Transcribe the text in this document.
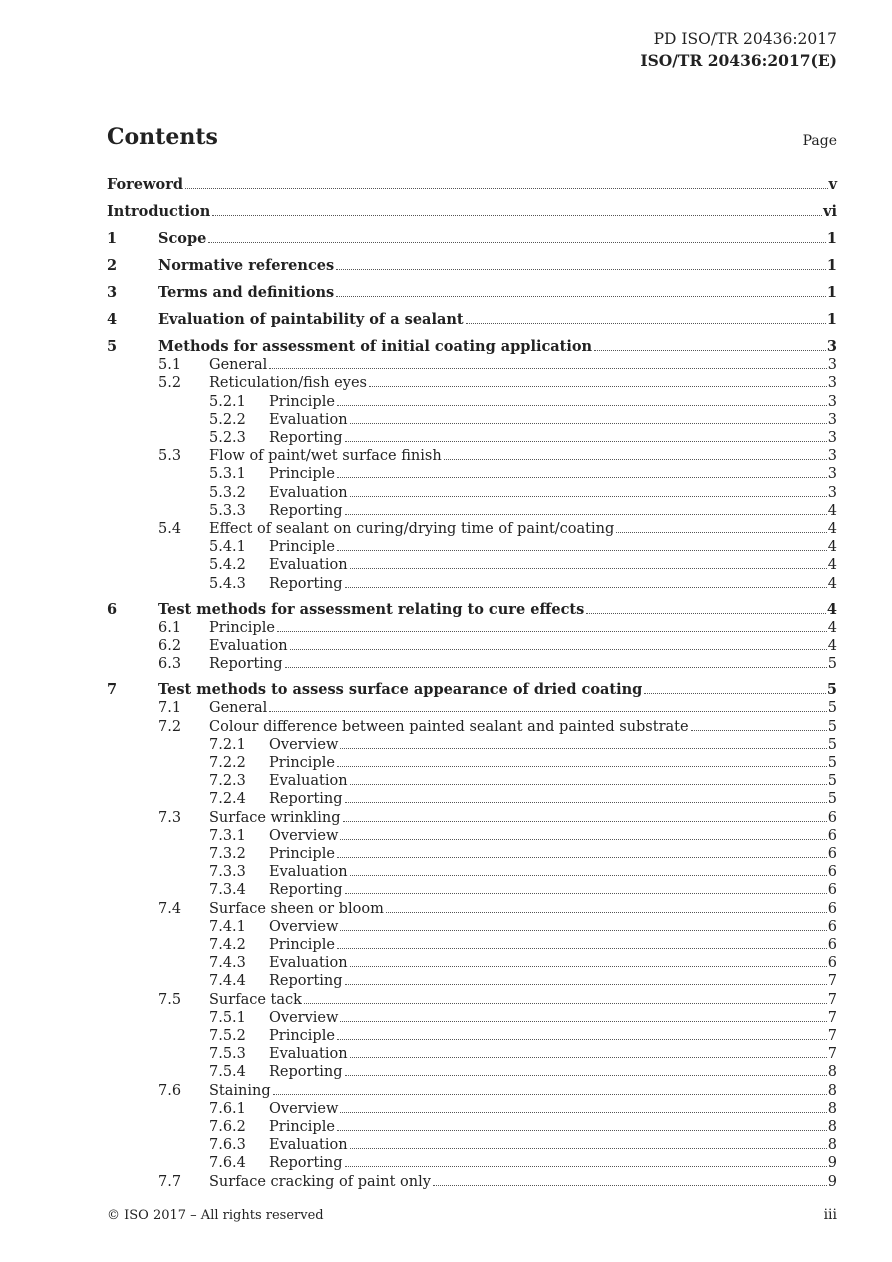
PD ISO/TR 20436:2017
ISO/TR 20436:2017(E)
Contents	Page
Foreword	v
Introduction	vi
1	Scope	1
2	Normative references	1
3	Terms and definitions	1
4	Evaluation of paintability of a sealant	1
5	Methods for assessment of initial coating application	3
5.1	General	3
5.2	Reticulation/fish eyes	3
5.2.1	Principle	3
5.2.2	Evaluation	3
5.2.3	Reporting	3
5.3	Flow of paint/wet surface finish	3
5.3.1	Principle	3
5.3.2	Evaluation	3
5.3.3	Reporting	4
5.4	Effect of sealant on curing/drying time of paint/coating	4
5.4.1	Principle	4
5.4.2	Evaluation	4
5.4.3	Reporting	4
6	Test methods for assessment relating to cure effects	4
6.1	Principle	4
6.2	Evaluation	4
6.3	Reporting	5
7	Test methods to assess surface appearance of dried coating	5
7.1	General	5
7.2	Colour difference between painted sealant and painted substrate	5
7.2.1	Overview	5
7.2.2	Principle	5
7.2.3	Evaluation	5
7.2.4	Reporting	5
7.3	Surface wrinkling	6
7.3.1	Overview	6
7.3.2	Principle	6
7.3.3	Evaluation	6
7.3.4	Reporting	6
7.4	Surface sheen or bloom	6
7.4.1	Overview	6
7.4.2	Principle	6
7.4.3	Evaluation	6
7.4.4	Reporting	7
7.5	Surface tack	7
7.5.1	Overview	7
7.5.2	Principle	7
7.5.3	Evaluation	7
7.5.4	Reporting	8
7.6	Staining	8
7.6.1	Overview	8
7.6.2	Principle	8
7.6.3	Evaluation	8
7.6.4	Reporting	9
7.7	Surface cracking of paint only	9
© ISO 2017 – All rights reserved	iii
